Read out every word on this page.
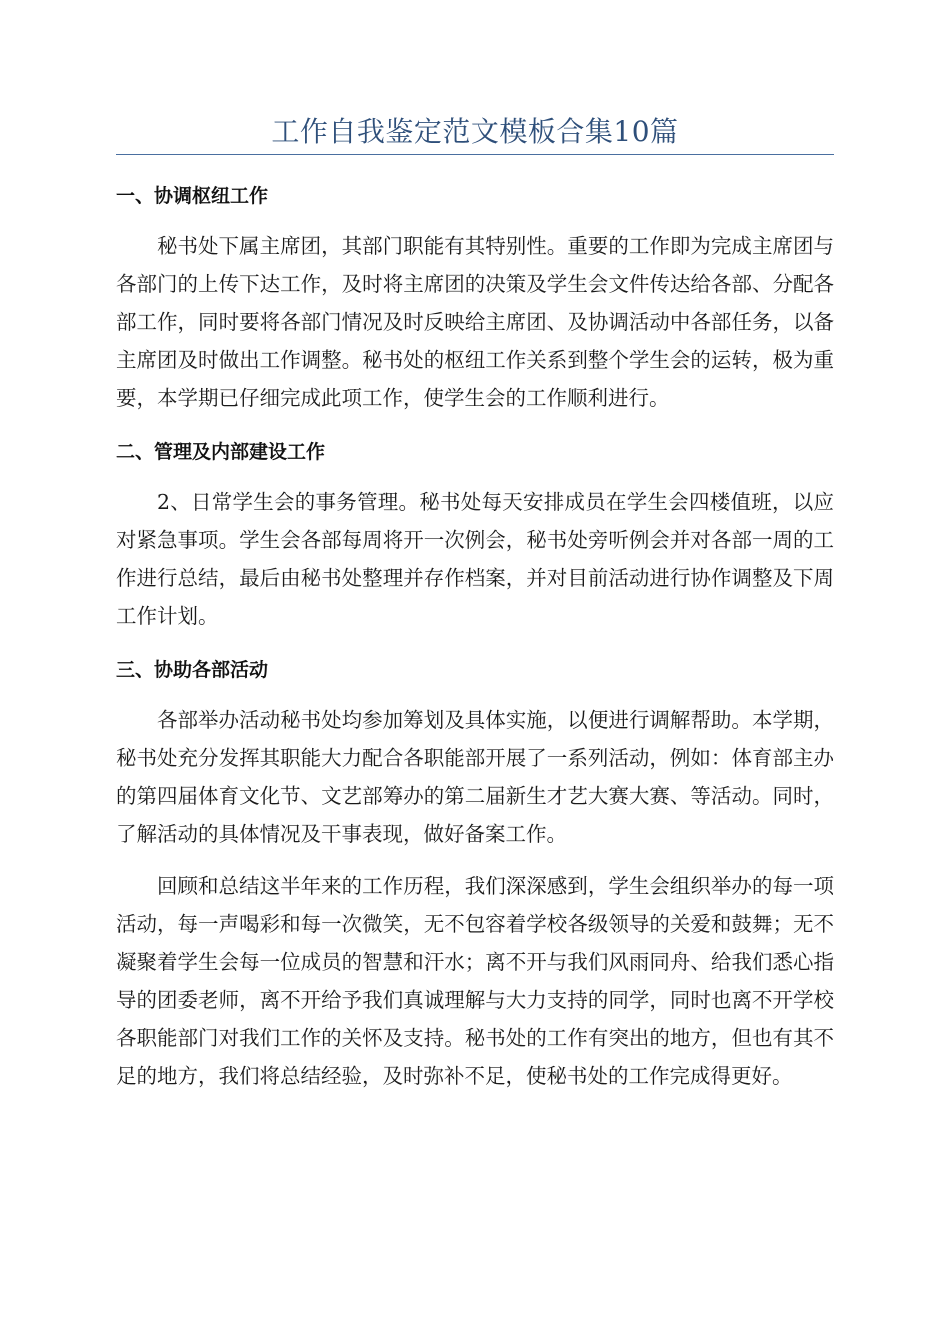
工作自我鉴定范文模板合集10篇
一、协调枢纽工作

秘书处下属主席团，其部门职能有其特别性。重要的工作即为完成主席团与各部门的上传下达工作，及时将主席团的决策及学生会文件传达给各部、分配各部工作，同时要将各部门情况及时反映给主席团、及协调活动中各部任务，以备主席团及时做出工作调整。秘书处的枢纽工作关系到整个学生会的运转，极为重要，本学期已仔细完成此项工作，使学生会的工作顺利进行。

二、管理及内部建设工作

2、日常学生会的事务管理。秘书处每天安排成员在学生会四楼值班，以应对紧急事项。学生会各部每周将开一次例会，秘书处旁听例会并对各部一周的工作进行总结，最后由秘书处整理并存作档案，并对目前活动进行协作调整及下周工作计划。

三、协助各部活动

各部举办活动秘书处均参加筹划及具体实施，以便进行调解帮助。本学期，秘书处充分发挥其职能大力配合各职能部开展了一系列活动，例如：体育部主办的第四届体育文化节、文艺部筹办的第二届新生才艺大赛大赛、等活动。同时，了解活动的具体情况及干事表现，做好备案工作。

回顾和总结这半年来的工作历程，我们深深感到，学生会组织举办的每一项活动，每一声喝彩和每一次微笑，无不包容着学校各级领导的关爱和鼓舞；无不凝聚着学生会每一位成员的智慧和汗水；离不开与我们风雨同舟、给我们悉心指导的团委老师，离不开给予我们真诚理解与大力支持的同学，同时也离不开学校各职能部门对我们工作的关怀及支持。秘书处的工作有突出的地方，但也有其不足的地方，我们将总结经验，及时弥补不足，使秘书处的工作完成得更好。
